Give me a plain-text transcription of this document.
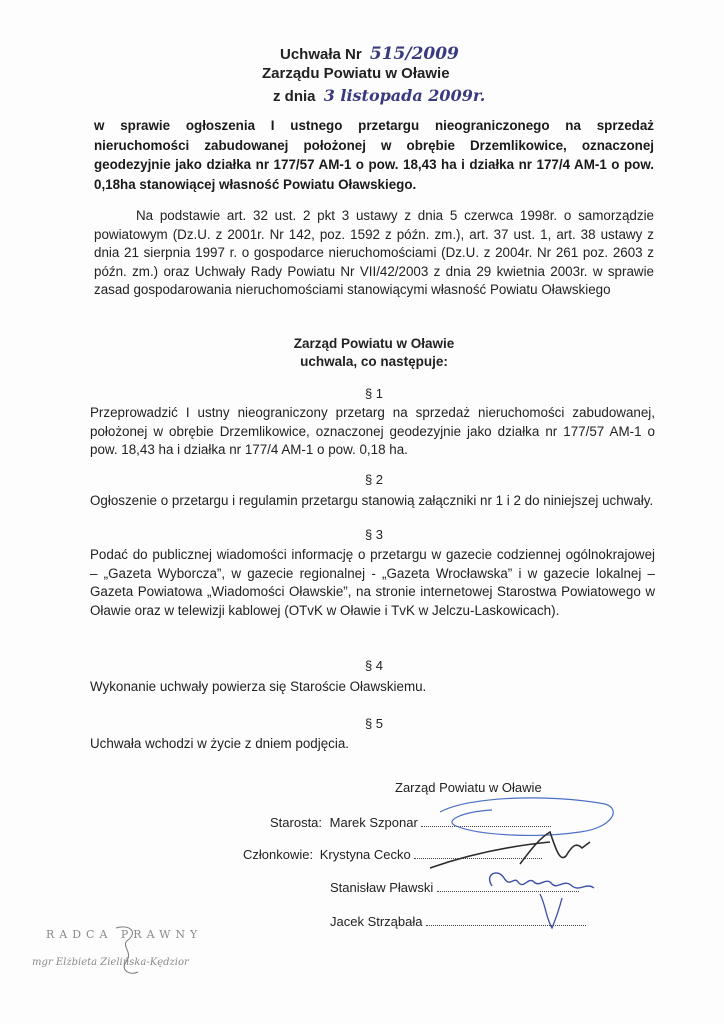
Uchwała Nr 515/2009
Zarządu Powiatu w Oławie
z dnia 3 listopada 2009r.
w sprawie ogłoszenia I ustnego przetargu nieograniczonego na sprzedaż nieruchomości zabudowanej położonej w obrębie Drzemlikowice, oznaczonej geodezyjnie jako działka nr 177/57 AM-1 o pow. 18,43 ha i działka nr 177/4 AM-1 o pow. 0,18ha stanowiącej własność Powiatu Oławskiego.
Na podstawie art. 32 ust. 2 pkt 3 ustawy z dnia 5 czerwca 1998r. o samorządzie powiatowym (Dz.U. z 2001r. Nr 142, poz. 1592 z późn. zm.), art. 37 ust. 1, art. 38 ustawy z dnia 21 sierpnia 1997 r. o gospodarce nieruchomościami (Dz.U. z 2004r. Nr 261 poz. 2603 z późn. zm.) oraz Uchwały Rady Powiatu Nr VII/42/2003 z dnia 29 kwietnia 2003r. w sprawie zasad gospodarowania nieruchomościami stanowiącymi własność Powiatu Oławskiego
Zarząd Powiatu w Oławie
uchwala, co następuje:
§ 1
Przeprowadzić I ustny nieograniczony przetarg na sprzedaż nieruchomości zabudowanej, położonej w obrębie Drzemlikowice, oznaczonej geodezyjnie jako działka nr 177/57 AM-1 o pow. 18,43 ha i działka nr 177/4 AM-1 o pow. 0,18 ha.
§ 2
Ogłoszenie o przetargu i regulamin przetargu stanowią załączniki nr 1 i 2 do niniejszej uchwały.
§ 3
Podać do publicznej wiadomości informację o przetargu w gazecie codziennej ogólnokrajowej – „Gazeta Wyborcza”, w gazecie regionalnej - „Gazeta Wrocławska” i w gazecie lokalnej – Gazeta Powiatowa „Wiadomości Oławskie”, na stronie internetowej Starostwa Powiatowego w Oławie oraz w telewizji kablowej (OTvK w Oławie i TvK w Jelczu-Laskowicach).
§ 4
Wykonanie uchwały powierza się Staroście Oławskiemu.
§ 5
Uchwała wchodzi w życie z dniem podjęcia.
Zarząd Powiatu w Oławie
Starosta: Marek Szponar
Członkowie: Krystyna Cecko
Stanisław Pławski
Jacek Strząbała
RADCA PRAWNY
mgr Elżbieta Zielińska-Kędzior
